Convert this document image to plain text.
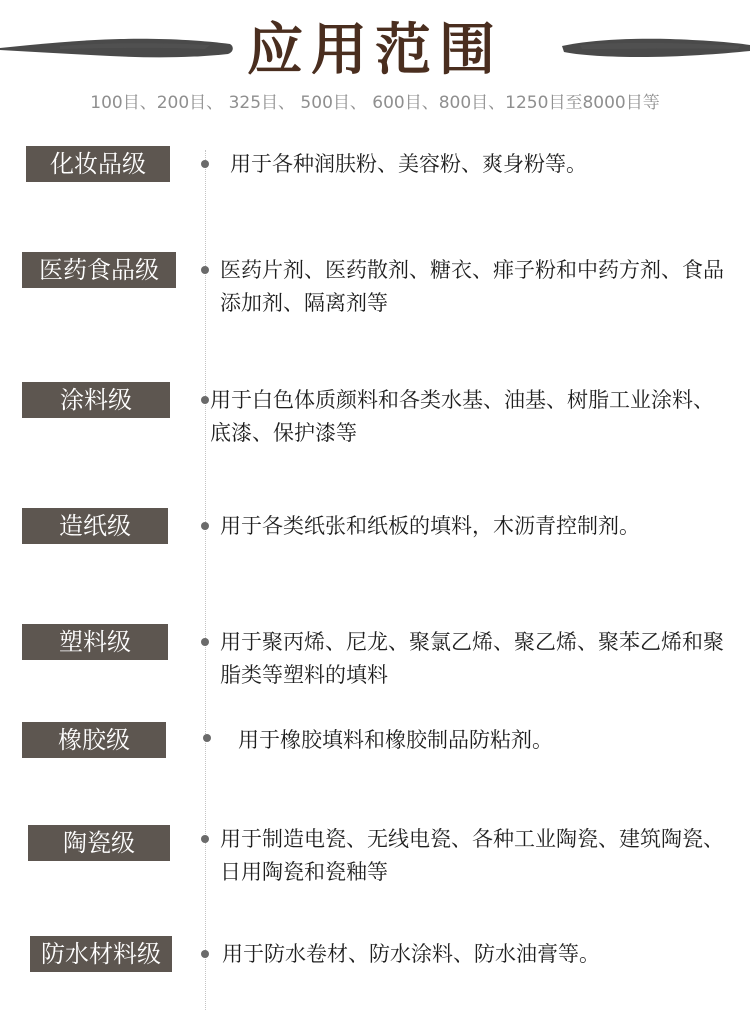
应用范围
100目、200目、 325目、 500目、 600目、800目、1250目至8000目等
化妆品级	用于各种润肤粉、美容粉、爽身粉等。
医药食品级	医药片剂、医药散剂、糖衣、痱子粉和中药方剂、食品添加剂、隔离剂等
涂料级	用于白色体质颜料和各类水基、油基、树脂工业涂料、底漆、保护漆等
造纸级	用于各类纸张和纸板的填料，木沥青控制剂。
塑料级	用于聚丙烯、尼龙、聚氯乙烯、聚乙烯、聚苯乙烯和聚脂类等塑料的填料
橡胶级	用于橡胶填料和橡胶制品防粘剂。
陶瓷级	用于制造电瓷、无线电瓷、各种工业陶瓷、建筑陶瓷、日用陶瓷和瓷釉等
防水材料级	用于防水卷材、防水涂料、防水油膏等。
